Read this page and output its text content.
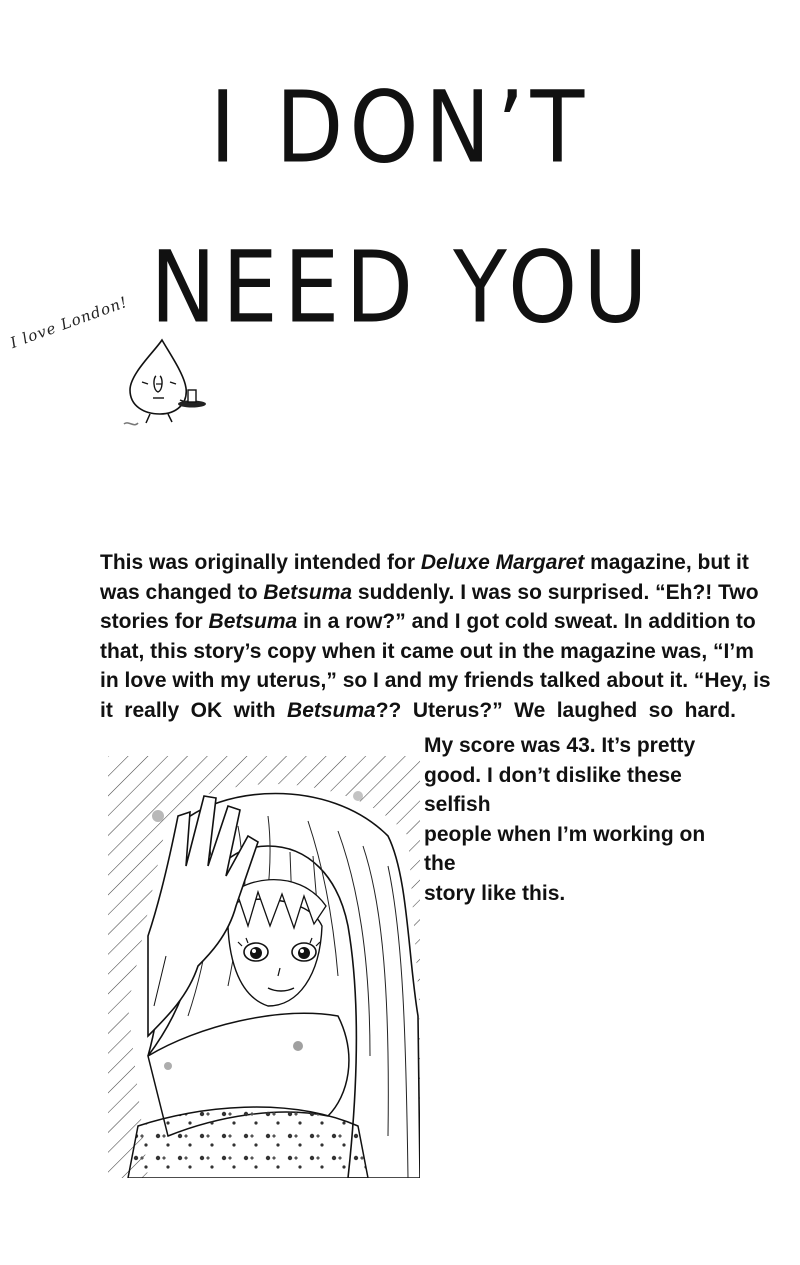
I DON’T
NEED YOU
I love London!
This was originally intended for Deluxe Margaret magazine, but it
was changed to Betsuma suddenly. I was so surprised. “Eh?! Two
stories for Betsuma in a row?” and I got cold sweat. In addition to
that, this story’s copy when it came out in the magazine was, “I’m
in love with my uterus,” so I and my friends talked about it. “Hey, is
it really OK with Betsuma?? Uterus?” We laughed so hard.
My score was 43. It’s pretty
good. I don’t dislike these selfish
people when I’m working on the
story like this.
